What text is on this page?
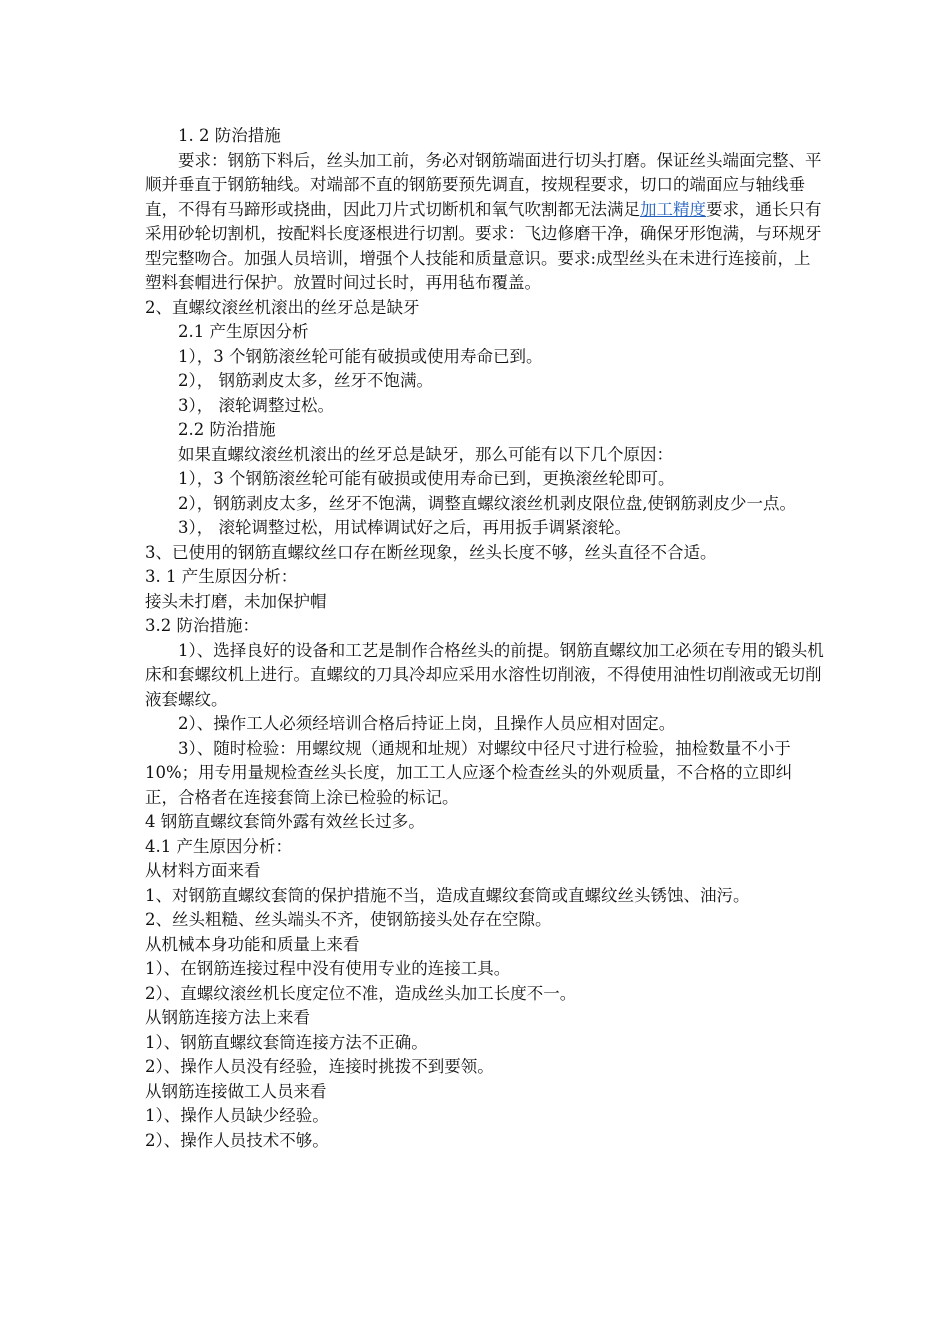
1. 2 防治措施

要求：钢筋下料后，丝头加工前，务必对钢筋端面进行切头打磨。保证丝头端面完整、平顺并垂直于钢筋轴线。对端部不直的钢筋要预先调直，按规程要求，切口的端面应与轴线垂直，不得有马蹄形或挠曲，因此刀片式切断机和氧气吹割都无法满足加工精度要求，通长只有采用砂轮切割机，按配料长度逐根进行切割。要求：飞边修磨干净，确保牙形饱满，与环规牙型完整吻合。加强人员培训，增强个人技能和质量意识。要求:成型丝头在未进行连接前，上塑料套帽进行保护。放置时间过长时，再用毡布覆盖。

2、直螺纹滚丝机滚出的丝牙总是缺牙

2.1 产生原因分析

1），3 个钢筋滚丝轮可能有破损或使用寿命已到。

2）， 钢筋剥皮太多，丝牙不饱满。

3）， 滚轮调整过松。

2.2 防治措施

如果直螺纹滚丝机滚出的丝牙总是缺牙，那么可能有以下几个原因：

1），3 个钢筋滚丝轮可能有破损或使用寿命已到，更换滚丝轮即可。

2），钢筋剥皮太多，丝牙不饱满，调整直螺纹滚丝机剥皮限位盘,使钢筋剥皮少一点。

3）， 滚轮调整过松，用试棒调试好之后，再用扳手调紧滚轮。

3、已使用的钢筋直螺纹丝口存在断丝现象，丝头长度不够，丝头直径不合适。

3. 1 产生原因分析：

接头未打磨，未加保护帽

3.2 防治措施：

1）、选择良好的设备和工艺是制作合格丝头的前提。钢筋直螺纹加工必须在专用的锻头机床和套螺纹机上进行。直螺纹的刀具冷却应采用水溶性切削液，不得使用油性切削液或无切削液套螺纹。

2）、操作工人必须经培训合格后持证上岗，且操作人员应相对固定。

3）、随时检验：用螺纹规（通规和址规）对螺纹中径尺寸进行检验，抽检数量不小于 10%；用专用量规检查丝头长度，加工工人应逐个检查丝头的外观质量，不合格的立即纠正，合格者在连接套筒上涂已检验的标记。

4 钢筋直螺纹套筒外露有效丝长过多。

4.1 产生原因分析：

从材料方面来看

1、对钢筋直螺纹套筒的保护措施不当，造成直螺纹套筒或直螺纹丝头锈蚀、油污。

2、丝头粗糙、丝头端头不齐，使钢筋接头处存在空隙。

从机械本身功能和质量上来看

1）、在钢筋连接过程中没有使用专业的连接工具。

2）、直螺纹滚丝机长度定位不准，造成丝头加工长度不一。

从钢筋连接方法上来看

1）、钢筋直螺纹套筒连接方法不正确。

2）、操作人员没有经验，连接时挑拨不到要领。

从钢筋连接做工人员来看

1）、操作人员缺少经验。

2）、操作人员技术不够。
